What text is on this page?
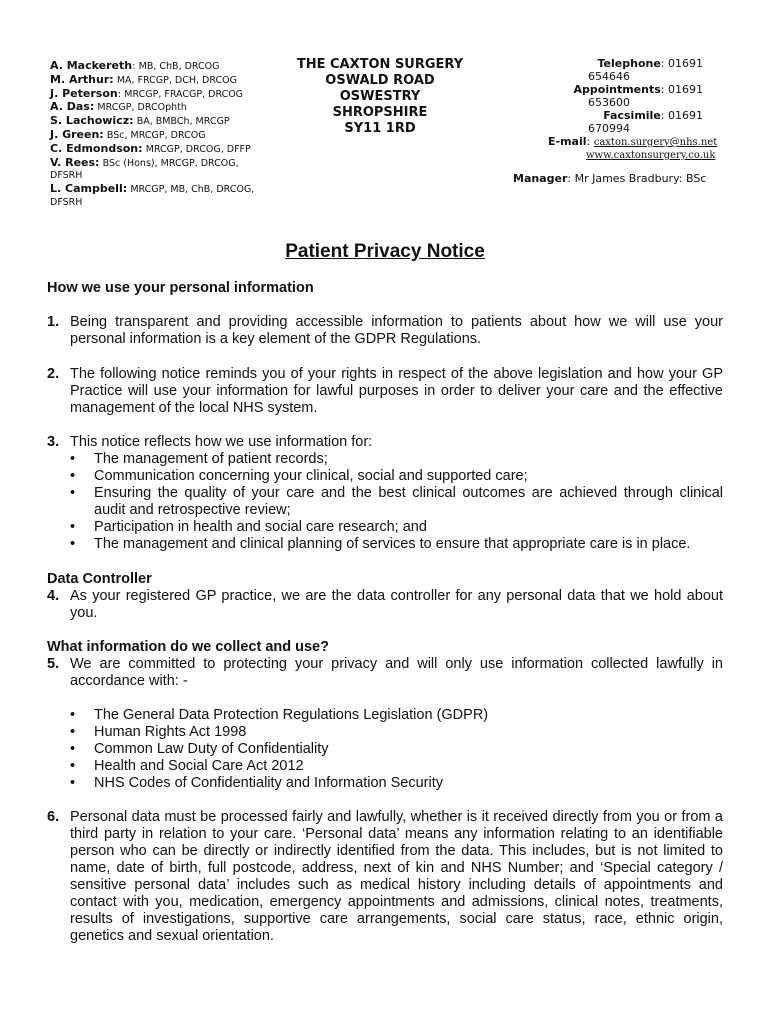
A. Mackereth: MB, ChB, DRCOG
M. Arthur: MA, FRCGP, DCH, DRCOG
J. Peterson: MRCGP, FRACGP, DRCOG
A. Das: MRCGP, DRCOphth
S. Lachowicz: BA, BMBCh, MRCGP
J. Green: BSc, MRCGP, DRCOG
C. Edmondson: MRCGP, DRCOG, DFFP
V. Rees: BSc (Hons), MRCGP, DRCOG, DFSRH
L. Campbell: MRCGP, MB, ChB, DRCOG, DFSRH
THE CAXTON SURGERY
OSWALD ROAD
OSWESTRY
SHROPSHIRE
SY11 1RD
Telephone: 01691
654646
Appointments: 01691
653600
Facsimile: 01691
670994
E-mail: caxton.surgery@nhs.net
www.caxtonsurgery.co.uk
Manager: Mr James Bradbury: BSc
Patient Privacy Notice
How we use your personal information
1. Being transparent and providing accessible information to patients about how we will use your personal information is a key element of the GDPR Regulations.
2. The following notice reminds you of your rights in respect of the above legislation and how your GP Practice will use your information for lawful purposes in order to deliver your care and the effective management of the local NHS system.
3. This notice reflects how we use information for:
• The management of patient records;
• Communication concerning your clinical, social and supported care;
• Ensuring the quality of your care and the best clinical outcomes are achieved through clinical audit and retrospective review;
• Participation in health and social care research; and
• The management and clinical planning of services to ensure that appropriate care is in place.
Data Controller
4. As your registered GP practice, we are the data controller for any personal data that we hold about you.
What information do we collect and use?
5. We are committed to protecting your privacy and will only use information collected lawfully in accordance with: -
• The General Data Protection Regulations Legislation (GDPR)
• Human Rights Act 1998
• Common Law Duty of Confidentiality
• Health and Social Care Act 2012
• NHS Codes of Confidentiality and Information Security
6. Personal data must be processed fairly and lawfully, whether is it received directly from you or from a third party in relation to your care. ‘Personal data’ means any information relating to an identifiable person who can be directly or indirectly identified from the data. This includes, but is not limited to name, date of birth, full postcode, address, next of kin and NHS Number; and ‘Special category / sensitive personal data’ includes such as medical history including details of appointments and contact with you, medication, emergency appointments and admissions, clinical notes, treatments, results of investigations, supportive care arrangements, social care status, race, ethnic origin, genetics and sexual orientation.
